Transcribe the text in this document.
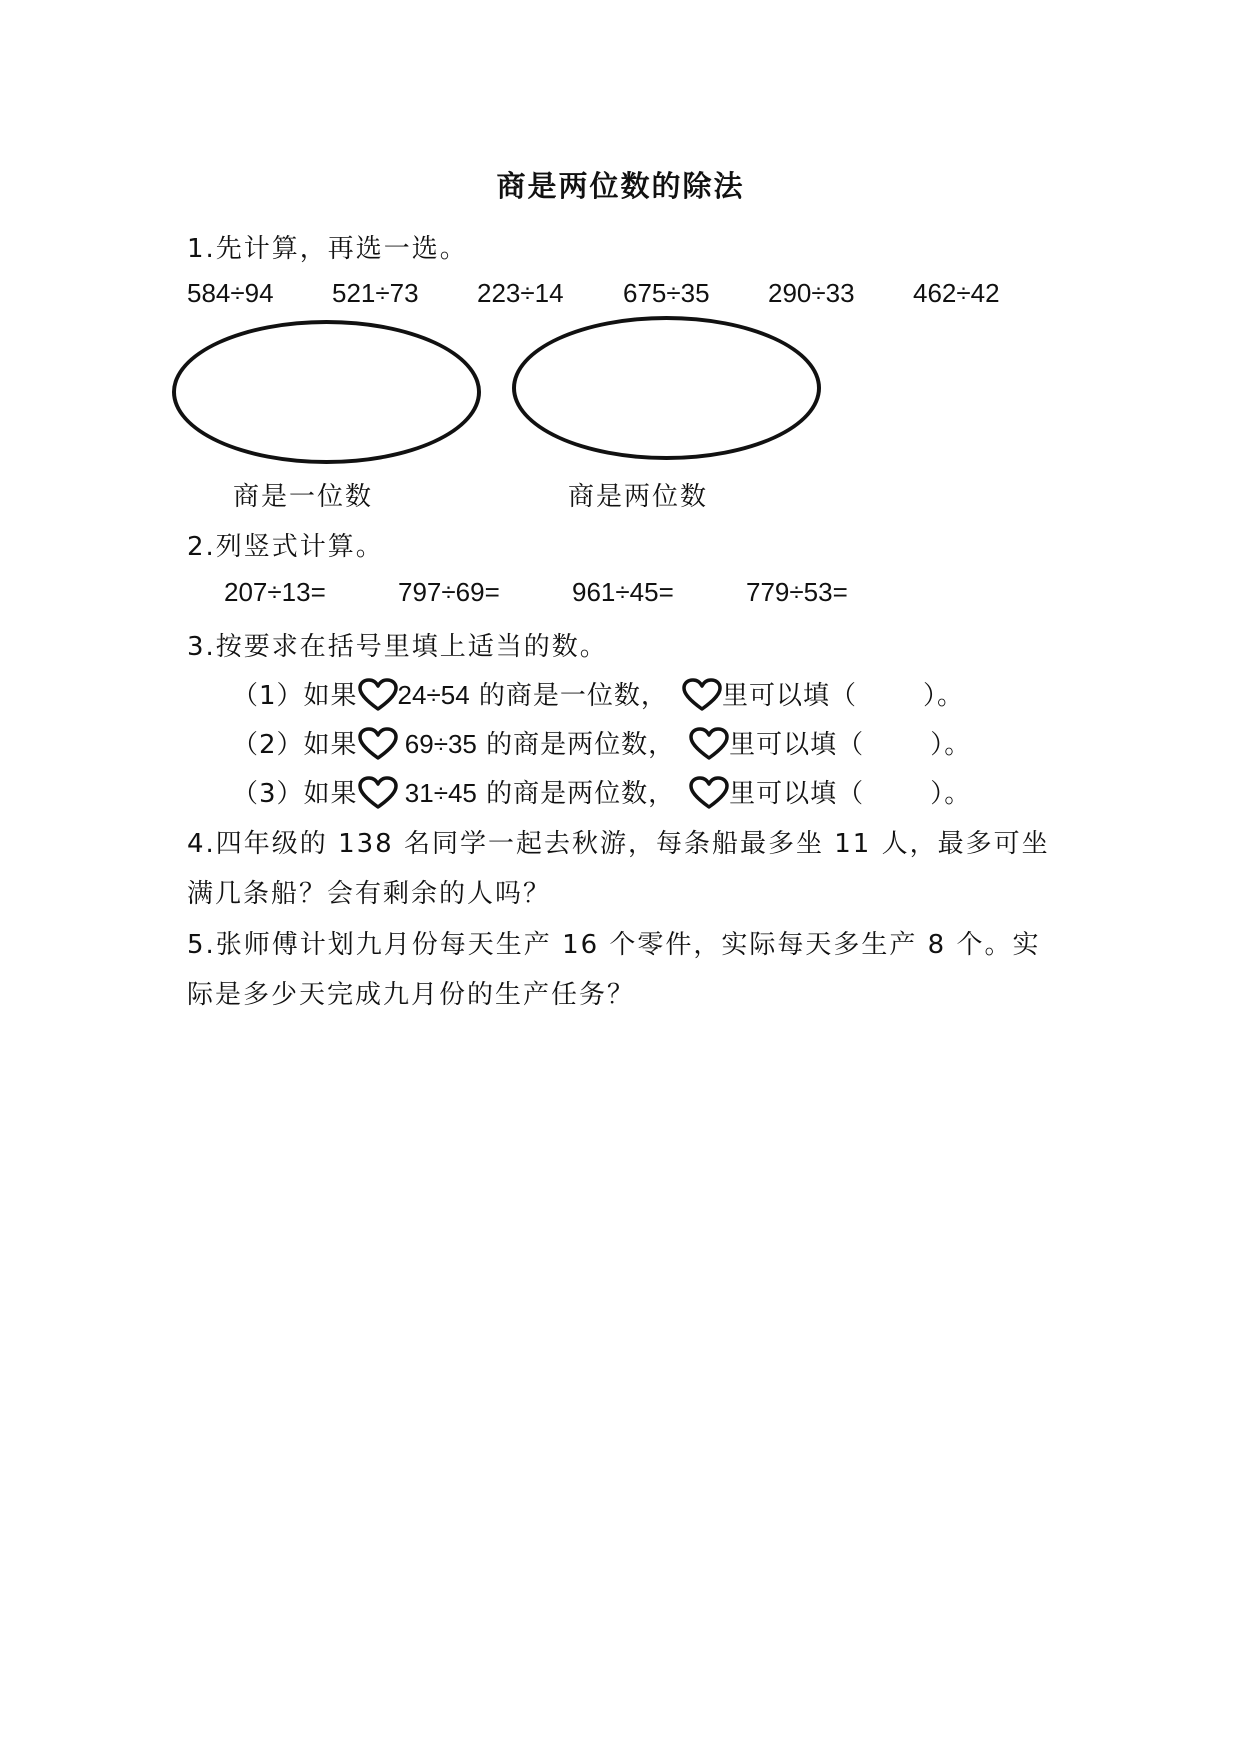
商是两位数的除法
1.先计算，再选一选。
584÷94 521÷73 223÷14 675÷35 290÷33 462÷42
商是一位数	商是两位数
2.列竖式计算。
207÷13=	797÷69=	961÷45=	779÷53=
3.按要求在括号里填上适当的数。
（1）如果 24÷54 的商是一位数， 里可以填（	）。
（2）如果
69÷35 的商是两位数， 里可以填（	）。
（3）如果
31÷45 的商是两位数， 里可以填（	）。
4.四年级的 138 名同学一起去秋游，每条船最多坐 11 人，最多可坐
满几条船？会有剩余的人吗？
5.张师傅计划九月份每天生产 16 个零件，实际每天多生产 8 个。实
际是多少天完成九月份的生产任务？
